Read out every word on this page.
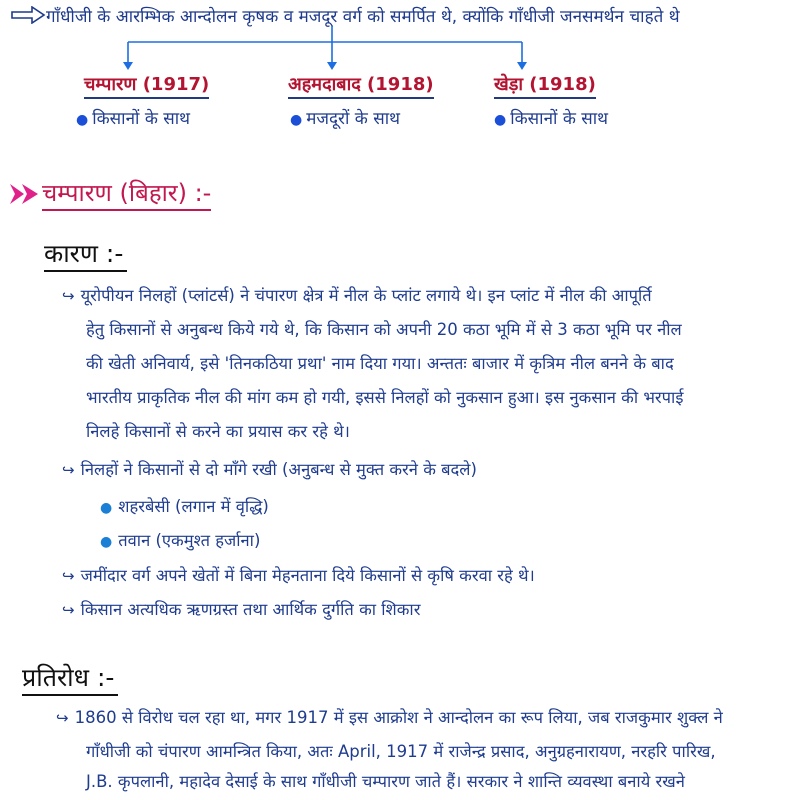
गाँधीजी के आरम्भिक आन्दोलन कृषक व मजदूर वर्ग को समर्पित थे, क्योंकि गाँधीजी जनसमर्थन चाहते थे
चम्पारण (1917)
● किसानों के साथ
अहमदाबाद (1918)
● मजदूरों के साथ
खेड़ा (1918)
● किसानों के साथ
चम्पारण (बिहार) :-
कारण :-
↪ यूरोपीयन निलहों (प्लांटर्स) ने चंपारण क्षेत्र में नील के प्लांट लगाये थे। इन प्लांट में नील की आपूर्ति
हेतु किसानों से अनुबन्ध किये गये थे, कि किसान को अपनी 20 कठा भूमि में से 3 कठा भूमि पर नील
की खेती अनिवार्य, इसे 'तिनकठिया प्रथा' नाम दिया गया। अन्ततः बाजार में कृत्रिम नील बनने के बाद
भारतीय प्राकृतिक नील की मांग कम हो गयी, इससे निलहों को नुकसान हुआ। इस नुकसान की भरपाई
निलहे किसानों से करने का प्रयास कर रहे थे।
↪ निलहों ने किसानों से दो माँगे रखी (अनुबन्ध से मुक्त करने के बदले)
● शहरबेसी (लगान में वृद्धि)
● तवान (एकमुश्त हर्जाना)
↪ जमींदार वर्ग अपने खेतों में बिना मेहनताना दिये किसानों से कृषि करवा रहे थे।
↪ किसान अत्यधिक ऋणग्रस्त तथा आर्थिक दुर्गति का शिकार
प्रतिरोध :-
↪ 1860 से विरोध चल रहा था, मगर 1917 में इस आक्रोश ने आन्दोलन का रूप लिया, जब राजकुमार शुक्ल ने
गाँधीजी को चंपारण आमन्त्रित किया, अतः April, 1917 में राजेन्द्र प्रसाद, अनुग्रहनारायण, नरहरि पारिख,
J.B. कृपलानी, महादेव देसाई के साथ गाँधीजी चम्पारण जाते हैं। सरकार ने शान्ति व्यवस्था बनाये रखने
